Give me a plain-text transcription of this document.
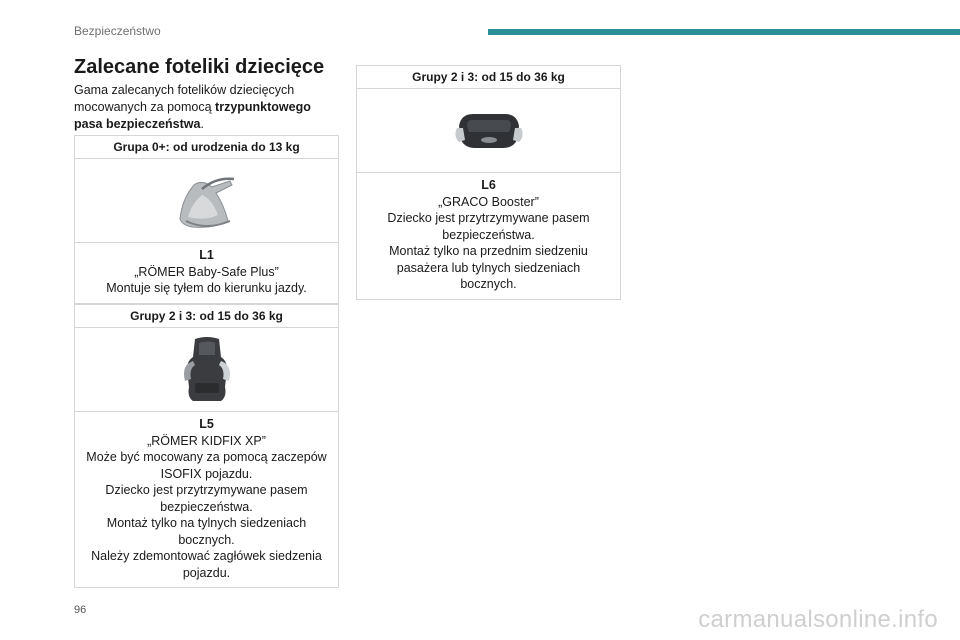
Bezpieczeństwo
Zalecane foteliki dziecięce
Gama zalecanych fotelików dziecięcych mocowanych za pomocą trzypunktowego pasa bezpieczeństwa.
Grupa 0+: od urodzenia do 13 kg
L1
„RÖMER Baby-Safe Plus”
Montuje się tyłem do kierunku jazdy.
Grupy 2 i 3: od 15 do 36 kg
L5
„RÖMER KIDFIX XP”
Może być mocowany za pomocą zaczepów ISOFIX pojazdu.
Dziecko jest przytrzymywane pasem bezpieczeństwa.
Montaż tylko na tylnych siedzeniach bocznych.
Należy zdemontować zagłówek siedzenia pojazdu.
Grupy 2 i 3: od 15 do 36 kg
L6
„GRACO Booster”
Dziecko jest przytrzymywane pasem bezpieczeństwa.
Montaż tylko na przednim siedzeniu pasażera lub tylnych siedzeniach bocznych.
96	carmanualsonline.info
